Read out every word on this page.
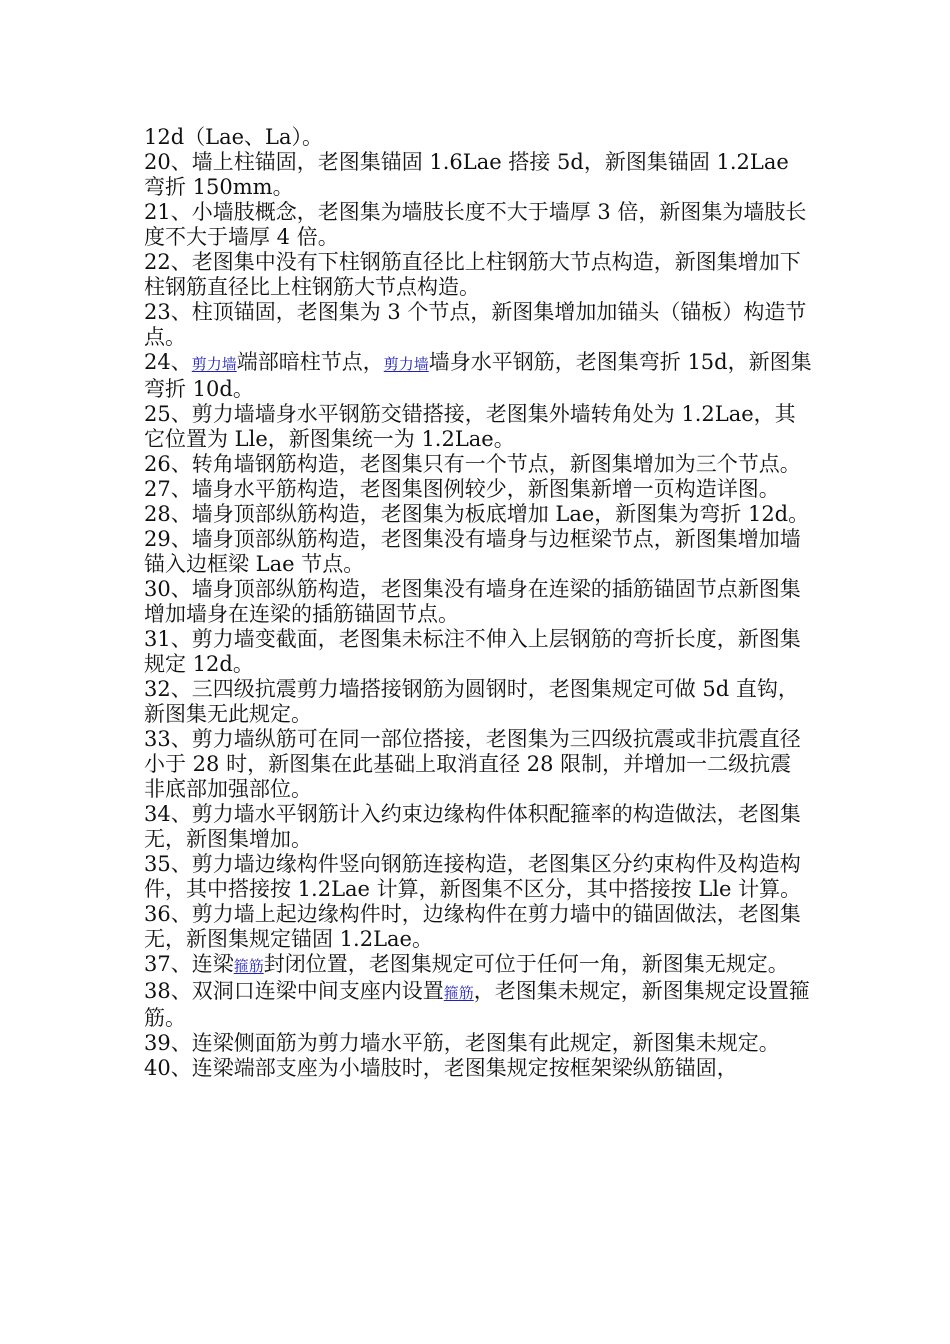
12d（Lae、La）。

20、墙上柱锚固，老图集锚固 1.6Lae 搭接 5d，新图集锚固 1.2Lae 弯折 150mm。

21、小墙肢概念，老图集为墙肢长度不大于墙厚 3 倍，新图集为墙肢长度不大于墙厚 4 倍。

22、老图集中没有下柱钢筋直径比上柱钢筋大节点构造，新图集增加下柱钢筋直径比上柱钢筋大节点构造。

23、柱顶锚固，老图集为 3 个节点，新图集增加加锚头（锚板）构造节点。

24、剪力墙端部暗柱节点，剪力墙墙身水平钢筋，老图集弯折 15d，新图集弯折 10d。

25、剪力墙墙身水平钢筋交错搭接，老图集外墙转角处为 1.2Lae，其它位置为 Lle，新图集统一为 1.2Lae。

26、转角墙钢筋构造，老图集只有一个节点，新图集增加为三个节点。

27、墙身水平筋构造，老图集图例较少，新图集新增一页构造详图。

28、墙身顶部纵筋构造，老图集为板底增加 Lae，新图集为弯折 12d。

29、墙身顶部纵筋构造，老图集没有墙身与边框梁节点，新图集增加墙锚入边框梁 Lae 节点。

30、墙身顶部纵筋构造，老图集没有墙身在连梁的插筋锚固节点新图集增加墙身在连梁的插筋锚固节点。

31、剪力墙变截面，老图集未标注不伸入上层钢筋的弯折长度，新图集规定 12d。

32、三四级抗震剪力墙搭接钢筋为圆钢时，老图集规定可做 5d 直钩，新图集无此规定。

33、剪力墙纵筋可在同一部位搭接，老图集为三四级抗震或非抗震直径小于 28 时，新图集在此基础上取消直径 28 限制，并增加一二级抗震非底部加强部位。

34、剪力墙水平钢筋计入约束边缘构件体积配箍率的构造做法，老图集无，新图集增加。

35、剪力墙边缘构件竖向钢筋连接构造，老图集区分约束构件及构造构件，其中搭接按 1.2Lae 计算，新图集不区分，其中搭接按 Lle 计算。

36、剪力墙上起边缘构件时，边缘构件在剪力墙中的锚固做法，老图集无，新图集规定锚固 1.2Lae。

37、连梁箍筋封闭位置，老图集规定可位于任何一角，新图集无规定。

38、双洞口连梁中间支座内设置箍筋，老图集未规定，新图集规定设置箍筋。

39、连梁侧面筋为剪力墙水平筋，老图集有此规定，新图集未规定。

40、连梁端部支座为小墙肢时，老图集规定按框架梁纵筋锚固，
